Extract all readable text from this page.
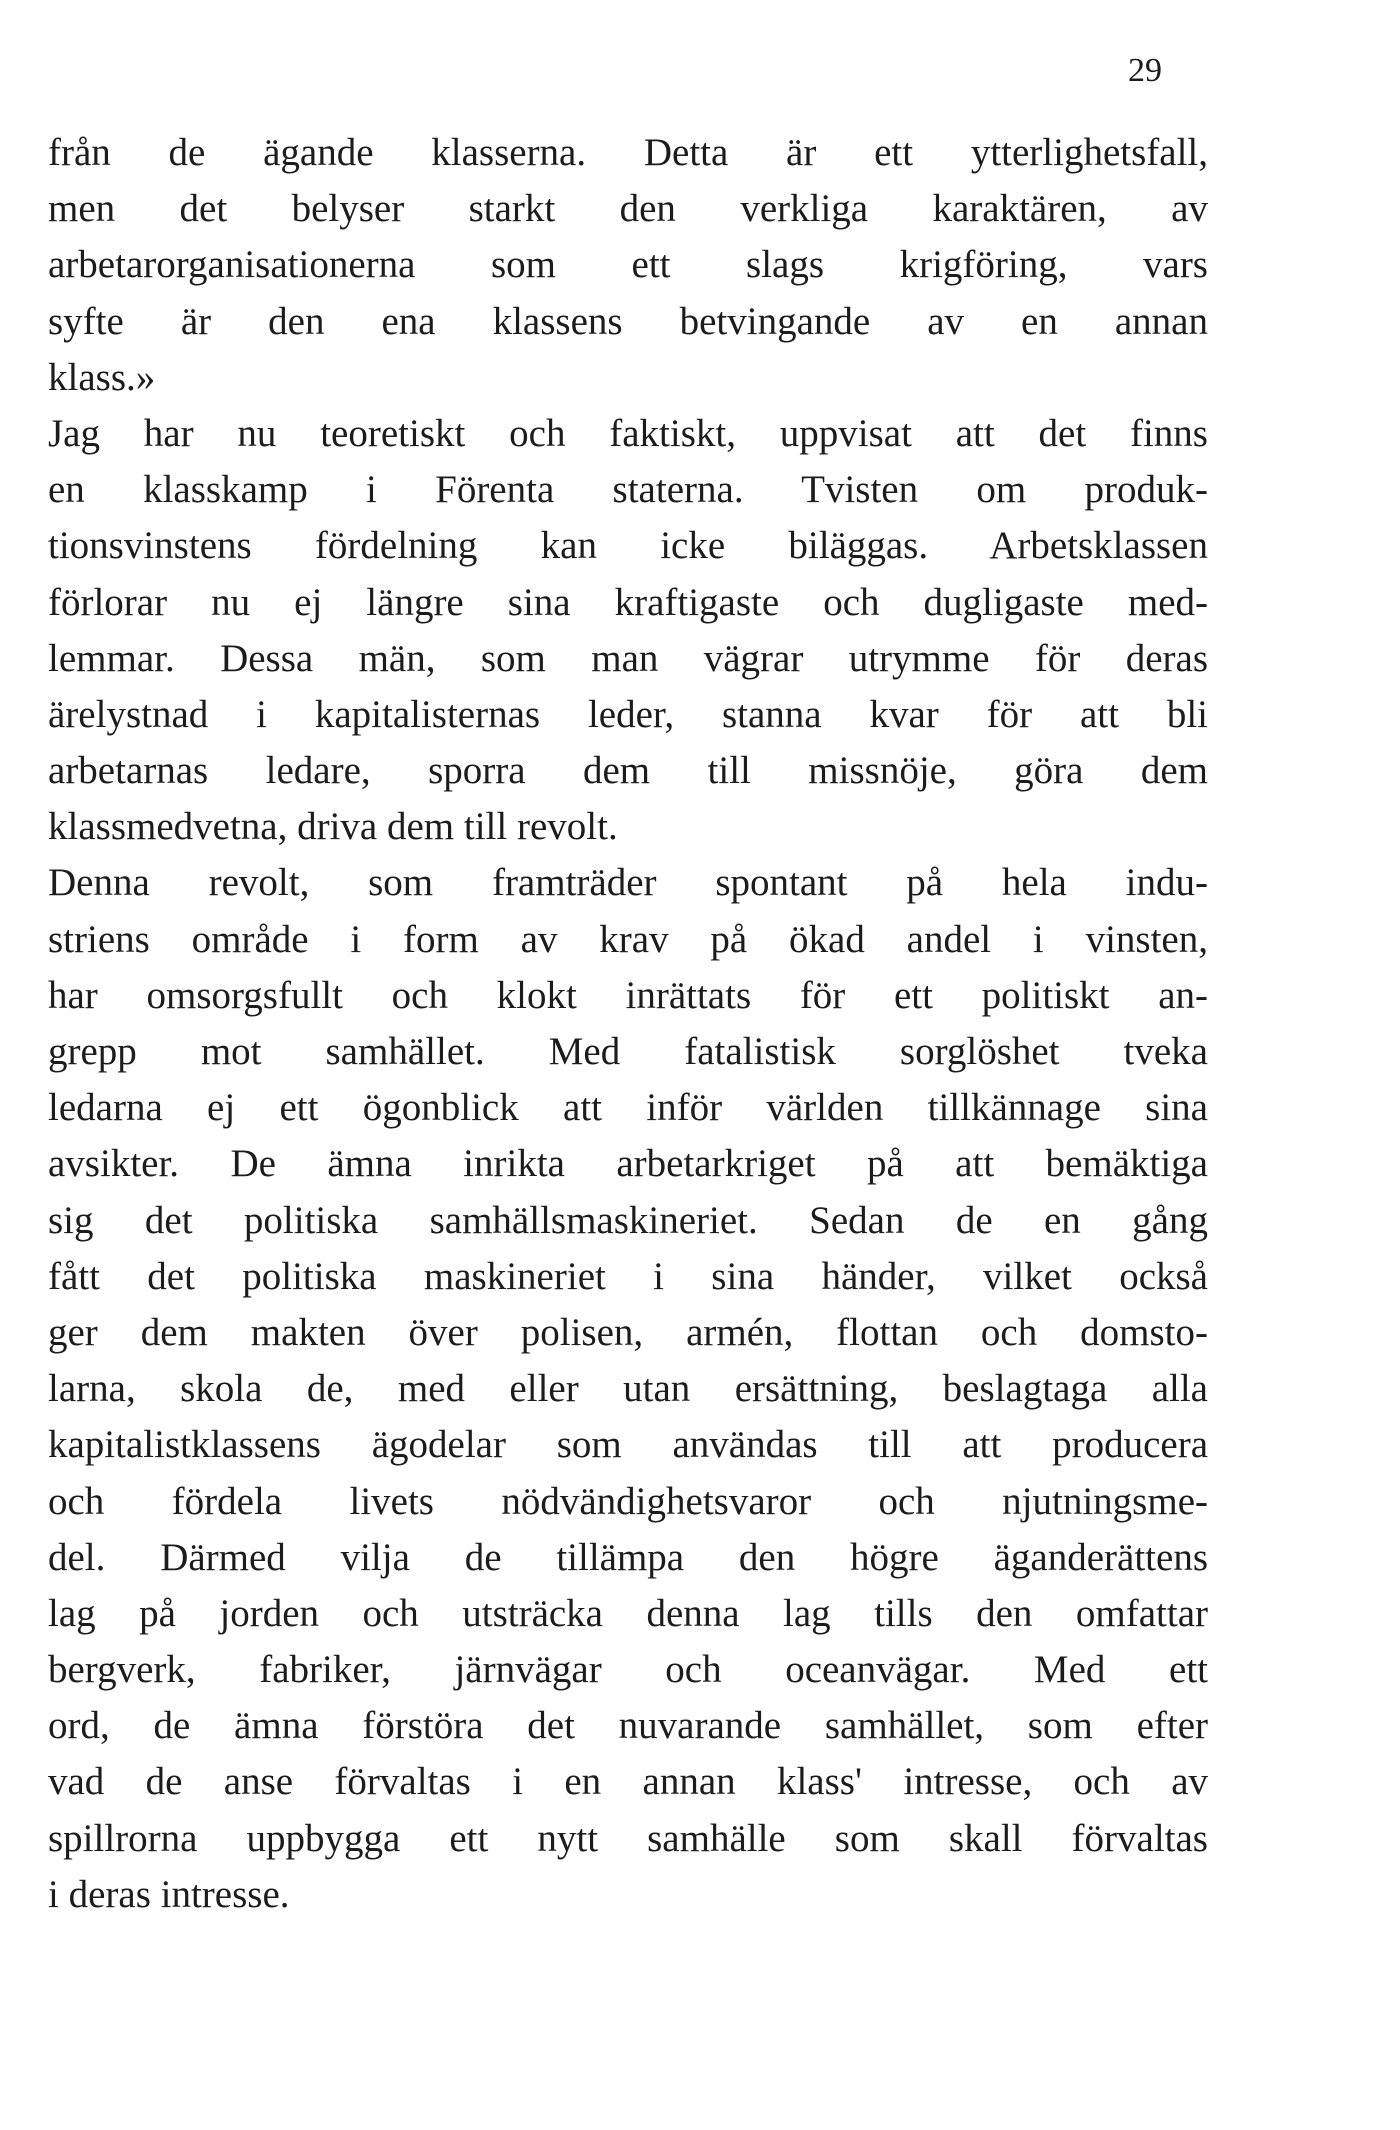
29
från de ägande klasserna. Detta är ett ytterlighetsfall,
men det belyser starkt den verkliga karaktären, av
arbetarorganisationerna som ett slags krigföring, vars
syfte är den ena klassens betvingande av en annan
klass.»
Jag har nu teoretiskt och faktiskt, uppvisat att det finns
en klasskamp i Förenta staterna. Tvisten om produk-
tionsvinstens fördelning kan icke biläggas. Arbetsklassen
förlorar nu ej längre sina kraftigaste och dugligaste med-
lemmar. Dessa män, som man vägrar utrymme för deras
ärelystnad i kapitalisternas leder, stanna kvar för att bli
arbetarnas ledare, sporra dem till missnöje, göra dem
klassmedvetna, driva dem till revolt.
Denna revolt, som framträder spontant på hela indu-
striens område i form av krav på ökad andel i vinsten,
har omsorgsfullt och klokt inrättats för ett politiskt an-
grepp mot samhället. Med fatalistisk sorglöshet tveka
ledarna ej ett ögonblick att inför världen tillkännage sina
avsikter. De ämna inrikta arbetarkriget på att bemäktiga
sig det politiska samhällsmaskineriet. Sedan de en gång
fått det politiska maskineriet i sina händer, vilket också
ger dem makten över polisen, armén, flottan och domsto-
larna, skola de, med eller utan ersättning, beslagtaga alla
kapitalistklassens ägodelar som användas till att producera
och fördela livets nödvändighetsvaror och njutningsme-
del. Därmed vilja de tillämpa den högre äganderättens
lag på jorden och utsträcka denna lag tills den omfattar
bergverk, fabriker, järnvägar och oceanvägar. Med ett
ord, de ämna förstöra det nuvarande samhället, som efter
vad de anse förvaltas i en annan klass' intresse, och av
spillrorna uppbygga ett nytt samhälle som skall förvaltas
i deras intresse.
